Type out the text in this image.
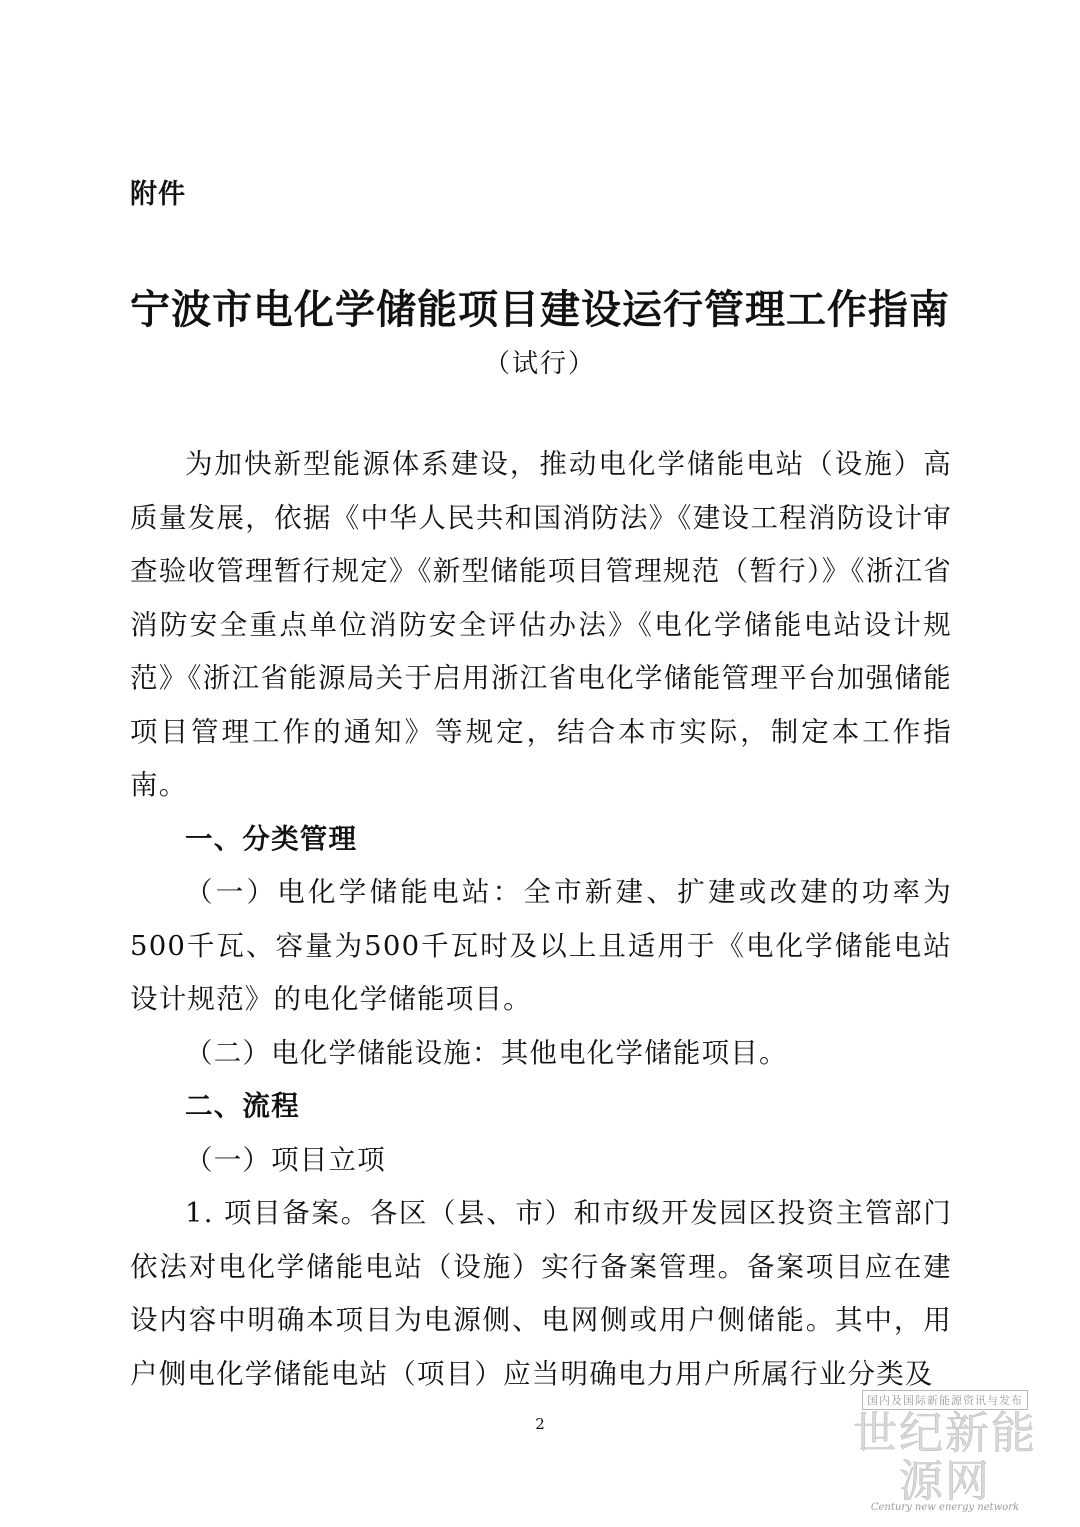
附件
宁波市电化学储能项目建设运行管理工作指南
（试行）

为加快新型能源体系建设，推动电化学储能电站（设施）高质量发展，依据《中华人民共和国消防法》《建设工程消防设计审查验收管理暂行规定》《新型储能项目管理规范（暂行）》《浙江省消防安全重点单位消防安全评估办法》《电化学储能电站设计规范》《浙江省能源局关于启用浙江省电化学储能管理平台加强储能项目管理工作的通知》等规定，结合本市实际，制定本工作指南。

一、分类管理

（一）电化学储能电站：全市新建、扩建或改建的功率为500千瓦、容量为500千瓦时及以上且适用于《电化学储能电站设计规范》的电化学储能项目。

（二）电化学储能设施：其他电化学储能项目。

二、流程

（一）项目立项

1. 项目备案。各区（县、市）和市级开发园区投资主管部门依法对电化学储能电站（设施）实行备案管理。备案项目应在建设内容中明确本项目为电源侧、电网侧或用户侧储能。其中，用户侧电化学储能电站（项目）应当明确电力用户所属行业分类及

2
国内及国际新能源资讯与发布
世纪新能源网
Century new energy network
